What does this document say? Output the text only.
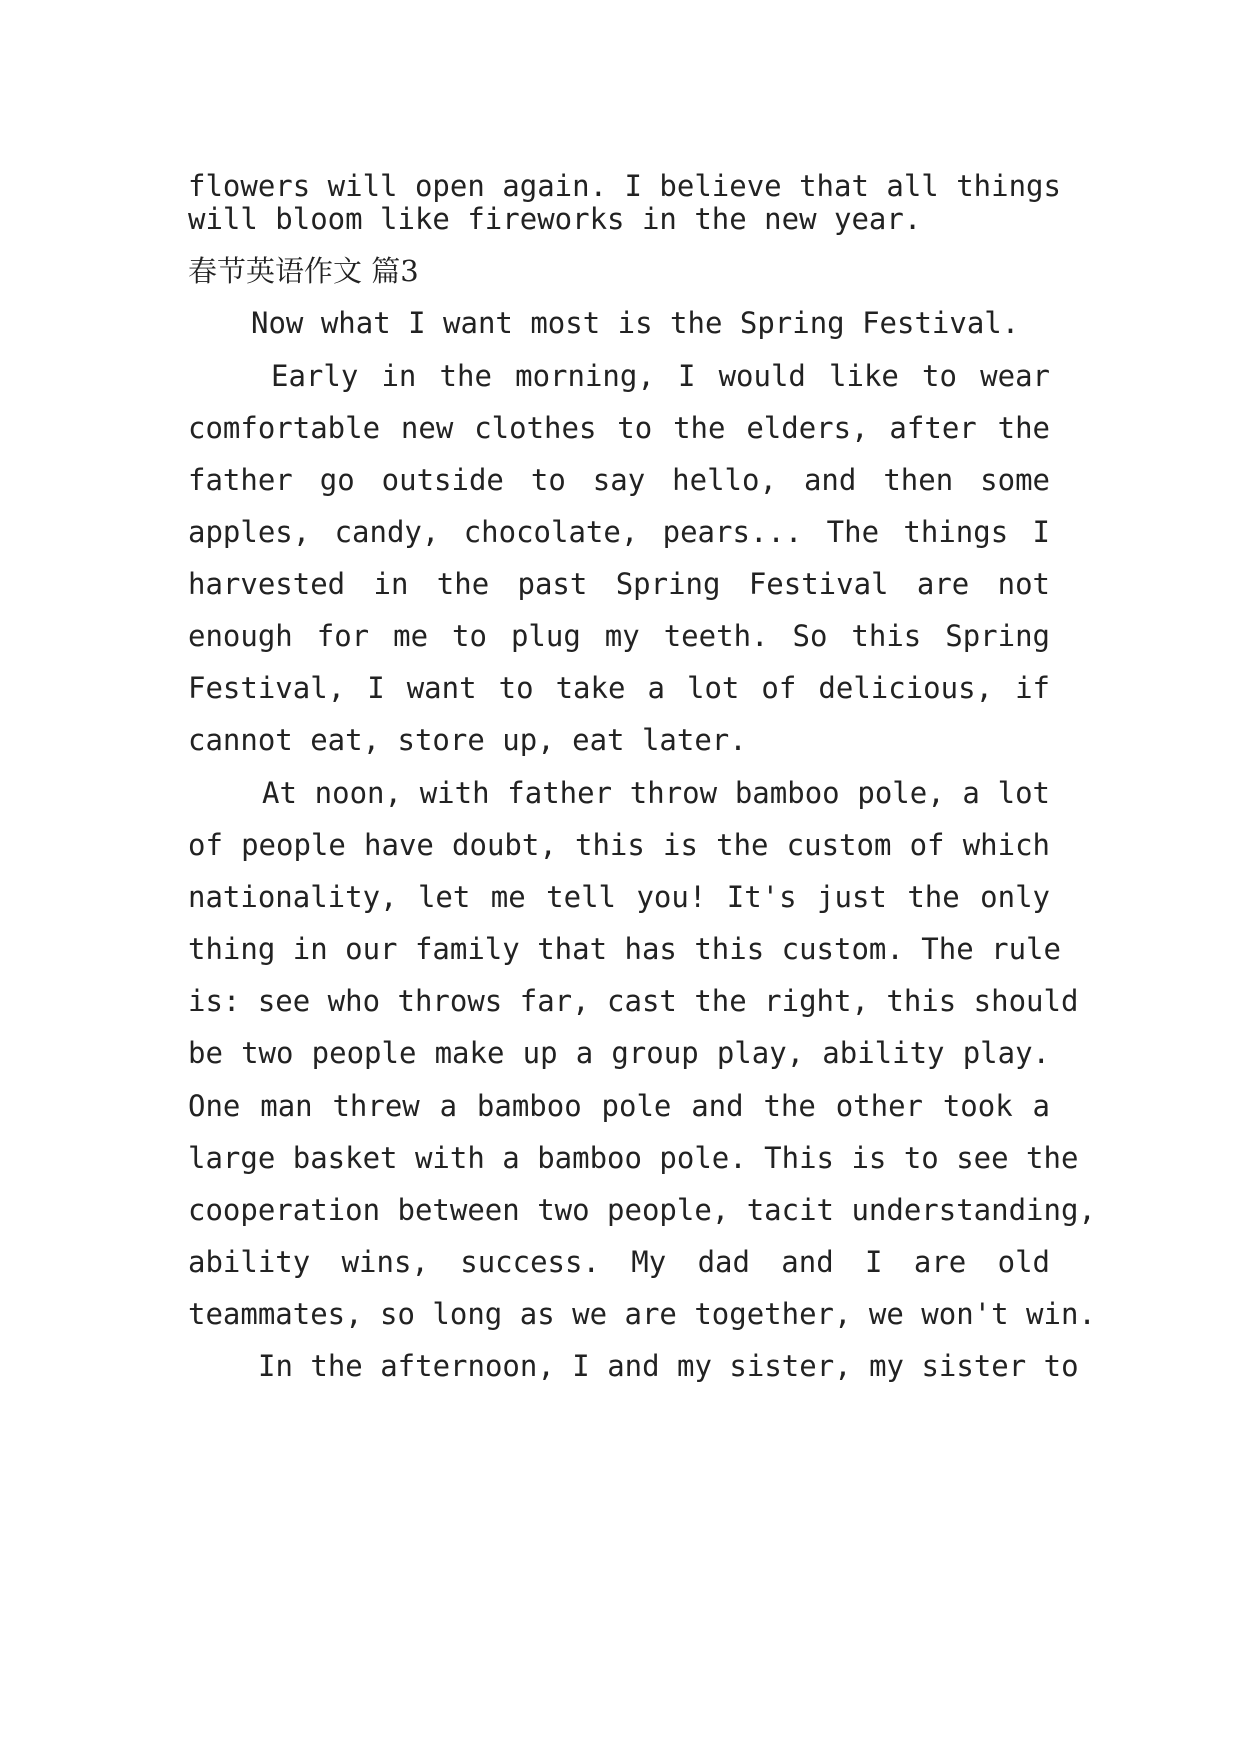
flowers will open again. I believe that all things
will bloom like fireworks in the new year.
春节英语作文 篇3
Now what I want most is the Spring Festival.
Early in the morning, I would like to wear
comfortable new clothes to the elders, after the
father go outside to say hello, and then some
apples, candy, chocolate, pears... The things I
harvested in the past Spring Festival are not
enough for me to plug my teeth. So this Spring
Festival, I want to take a lot of delicious, if
cannot eat, store up, eat later.
At noon, with father throw bamboo pole, a lot
of people have doubt, this is the custom of which
nationality, let me tell you! It's just the only
thing in our family that has this custom. The rule
is: see who throws far, cast the right, this should
be two people make up a group play, ability play.
One man threw a bamboo pole and the other took a
large basket with a bamboo pole. This is to see the
cooperation between two people, tacit understanding,
ability wins, success. My dad and I are old
teammates, so long as we are together, we won't win.
In the afternoon, I and my sister, my sister to
